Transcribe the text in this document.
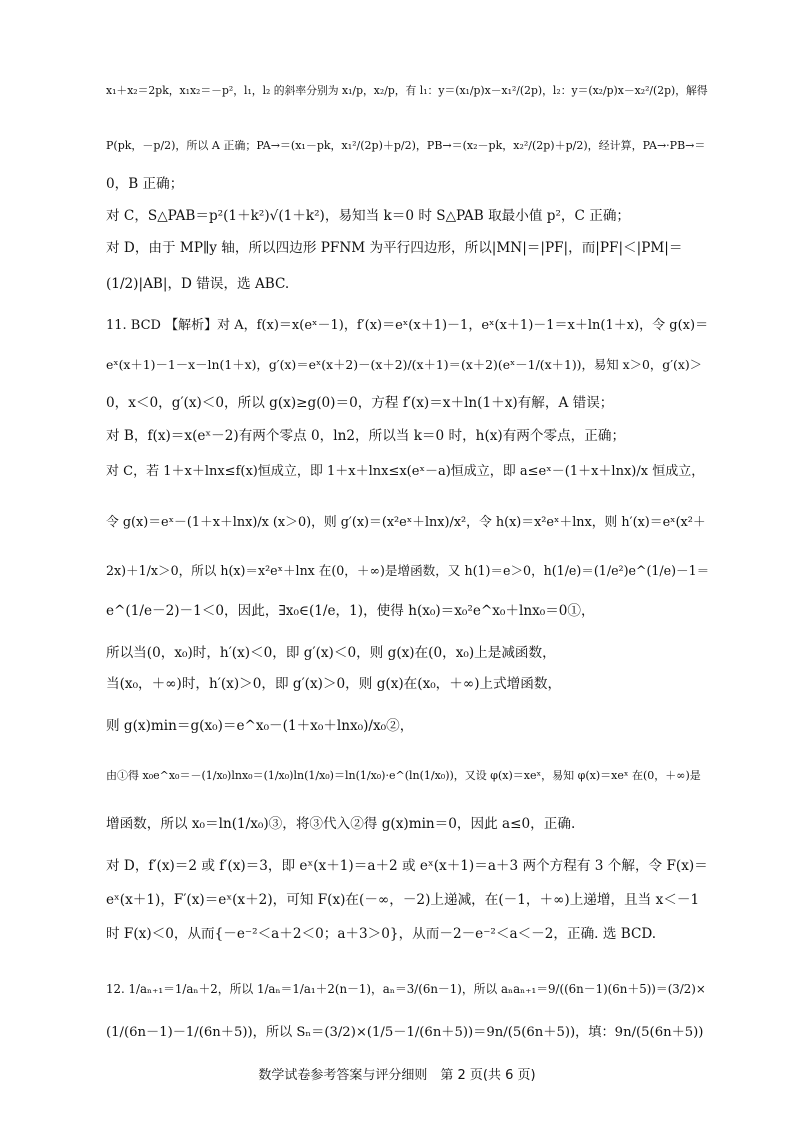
x₁＋x₂＝2pk，x₁x₂＝－p²，l₁，l₂ 的斜率分别为 x₁/p，x₂/p，有 l₁：y＝(x₁/p)x－x₁²/(2p)，l₂：y＝(x₂/p)x－x₂²/(2p)，解得
P(pk，－p/2)，所以 A 正确；PA→＝(x₁－pk，x₁²/(2p)＋p/2)，PB→＝(x₂－pk，x₂²/(2p)＋p/2)，经计算，PA→·PB→＝
0，B 正确；
对 C，S△PAB＝p²(1＋k²)√(1＋k²)，易知当 k＝0 时 S△PAB 取最小值 p²，C 正确；
对 D，由于 MP∥y 轴，所以四边形 PFNM 为平行四边形，所以|MN|＝|PF|，而|PF|＜|PM|＝
(1/2)|AB|，D 错误，选 ABC.
11. BCD 【解析】对 A，f(x)＝x(eˣ－1)，f′(x)＝eˣ(x＋1)－1，eˣ(x＋1)－1＝x＋ln(1＋x)，令 g(x)＝
eˣ(x＋1)－1－x－ln(1＋x)，g′(x)＝eˣ(x＋2)－(x＋2)/(x＋1)＝(x＋2)(eˣ－1/(x＋1))，易知 x＞0，g′(x)＞
0，x＜0，g′(x)＜0，所以 g(x)≥g(0)＝0，方程 f′(x)＝x＋ln(1＋x)有解，A 错误；
对 B，f(x)＝x(eˣ－2)有两个零点 0，ln2，所以当 k＝0 时，h(x)有两个零点，正确；
对 C，若 1＋x＋lnx≤f(x)恒成立，即 1＋x＋lnx≤x(eˣ－a)恒成立，即 a≤eˣ－(1＋x＋lnx)/x 恒成立，
令 g(x)＝eˣ－(1＋x＋lnx)/x (x＞0)，则 g′(x)＝(x²eˣ＋lnx)/x²，令 h(x)＝x²eˣ＋lnx，则 h′(x)＝eˣ(x²＋
2x)＋1/x＞0，所以 h(x)＝x²eˣ＋lnx 在(0，＋∞)是增函数，又 h(1)＝e＞0，h(1/e)＝(1/e²)e^(1/e)－1＝
e^(1/e－2)－1＜0，因此，∃x₀∈(1/e，1)，使得 h(x₀)＝x₀²e^x₀＋lnx₀＝0①，
所以当(0，x₀)时，h′(x)＜0，即 g′(x)＜0，则 g(x)在(0，x₀)上是减函数，
当(x₀，＋∞)时，h′(x)＞0，即 g′(x)＞0，则 g(x)在(x₀，＋∞)上式增函数，
则 g(x)min＝g(x₀)＝e^x₀－(1＋x₀＋lnx₀)/x₀②，
由①得 x₀e^x₀＝－(1/x₀)lnx₀＝(1/x₀)ln(1/x₀)＝ln(1/x₀)·e^(ln(1/x₀))，又设 φ(x)＝xeˣ，易知 φ(x)＝xeˣ 在(0，＋∞)是
增函数，所以 x₀＝ln(1/x₀)③，将③代入②得 g(x)min＝0，因此 a≤0，正确.
对 D，f′(x)＝2 或 f′(x)＝3，即 eˣ(x＋1)＝a＋2 或 eˣ(x＋1)＝a＋3 两个方程有 3 个解，令 F(x)＝
eˣ(x＋1)，F′(x)＝eˣ(x＋2)，可知 F(x)在(－∞，－2)上递减，在(－1，＋∞)上递增，且当 x＜－1
时 F(x)＜0，从而{－e⁻²＜a＋2＜0；a＋3＞0}，从而－2－e⁻²＜a＜－2，正确. 选 BCD.
12. 1/aₙ₊₁＝1/aₙ＋2，所以 1/aₙ＝1/a₁＋2(n－1)，aₙ＝3/(6n－1)，所以 aₙaₙ₊₁＝9/((6n－1)(6n＋5))＝(3/2)×
(1/(6n－1)－1/(6n＋5))，所以 Sₙ＝(3/2)×(1/5－1/(6n＋5))＝9n/(5(6n＋5))，填：9n/(5(6n＋5))
数学试卷参考答案与评分细则　第 2 页(共 6 页)
